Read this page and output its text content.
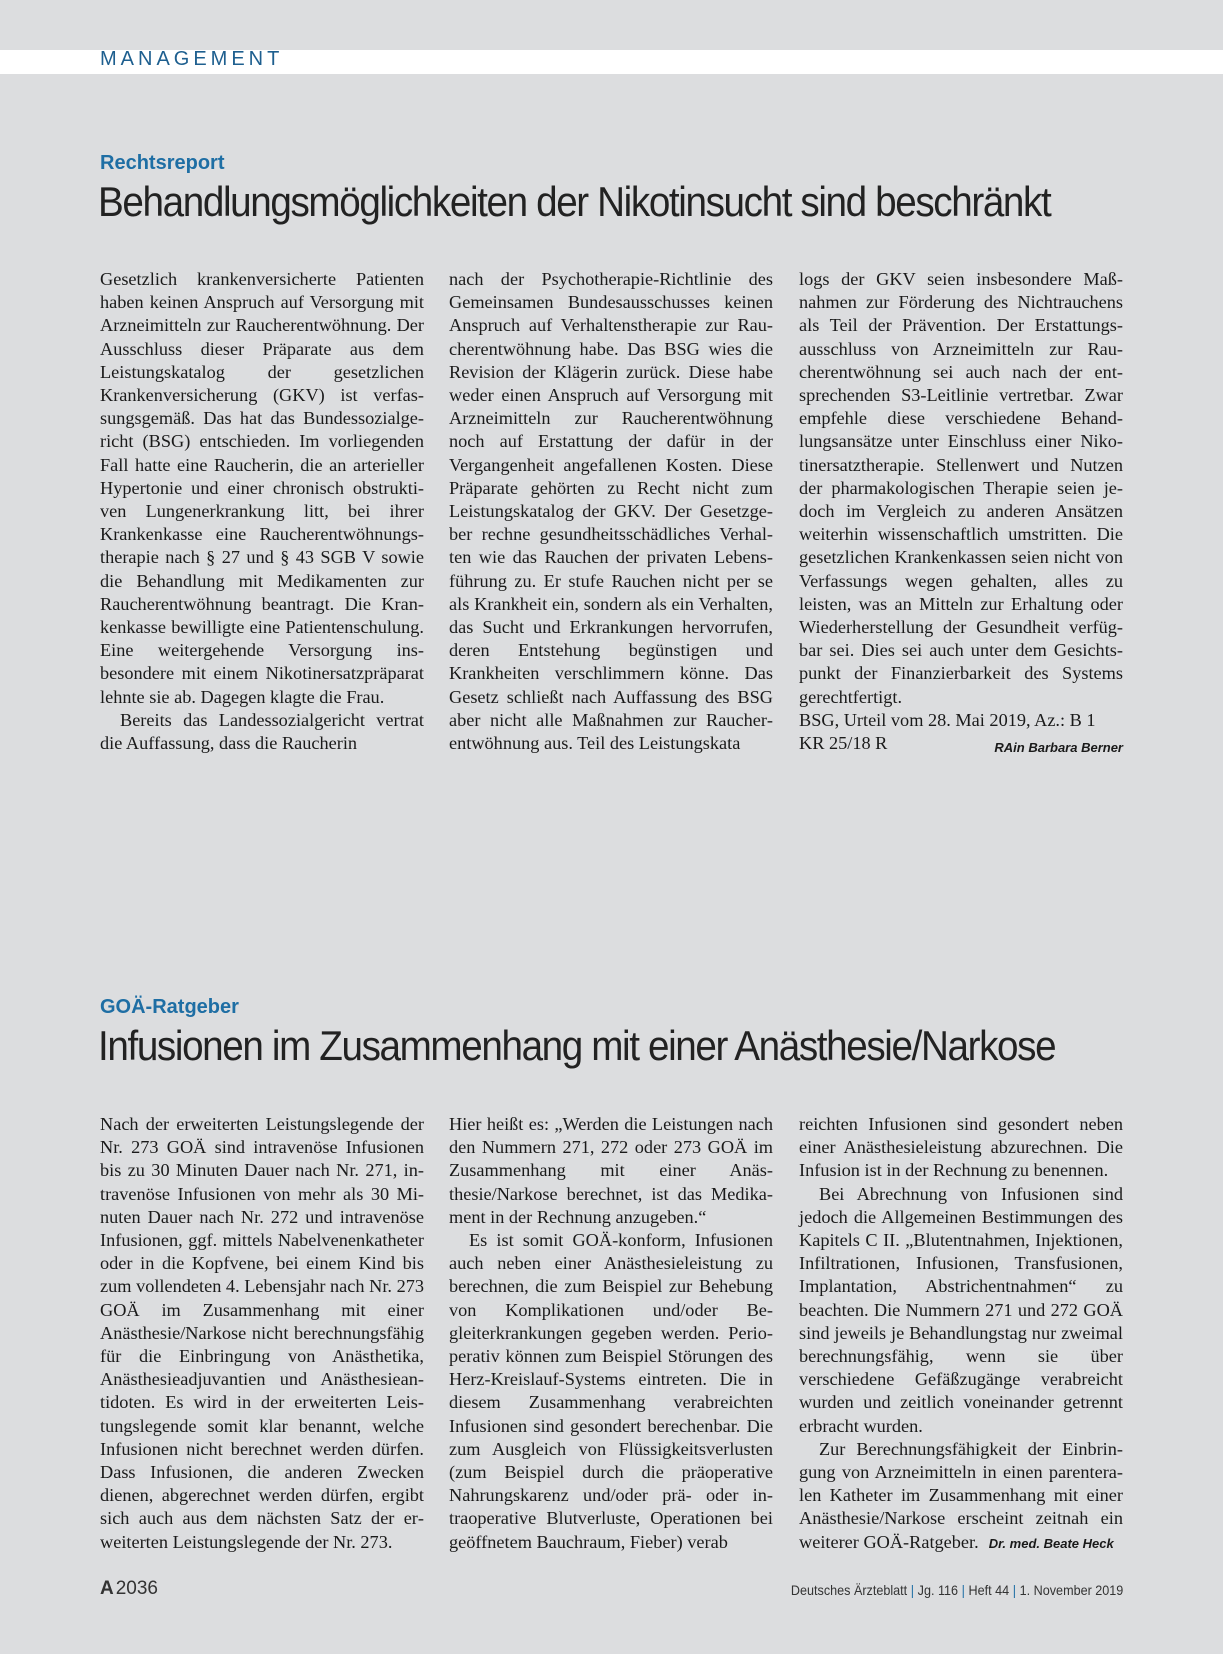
MANAGEMENT
Rechtsreport
Behandlungsmöglichkeiten der Nikotinsucht sind beschränkt

Gesetzlich krankenversicherte Patienten haben keinen Anspruch auf Versorgung mit Arzneimitteln zur Raucherentwöhnung. Der Ausschluss dieser Präparate aus dem Leistungskatalog der gesetzlichen Krankenversicherung (GKV) ist verfassungsgemäß. Das hat das Bundessozialgericht (BSG) entschieden. Im vorliegenden Fall hatte eine Raucherin, die an arterieller Hypertonie und einer chronisch obstruktiven Lungenerkrankung litt, bei ihrer Krankenkasse eine Raucherentwöhnungstherapie nach § 27 und § 43 SGB V sowie die Behandlung mit Medikamenten zur Raucherentwöhnung beantragt. Die Krankenkasse bewilligte eine Patientenschulung. Eine weitergehende Versorgung insbesondere mit einem Nikotinersatzpräparat lehnte sie ab. Dagegen klagte die Frau.

Bereits das Landessozialgericht vertrat die Auffassung, dass die Raucherin

nach der Psychotherapie-Richtlinie des Gemeinsamen Bundesausschusses keinen Anspruch auf Verhaltenstherapie zur Raucherentwöhnung habe. Das BSG wies die Revision der Klägerin zurück. Diese habe weder einen Anspruch auf Versorgung mit Arzneimitteln zur Raucherentwöhnung noch auf Erstattung der dafür in der Vergangenheit angefallenen Kosten. Diese Präparate gehörten zu Recht nicht zum Leistungskatalog der GKV. Der Gesetzgeber rechne gesundheitsschädliches Verhalten wie das Rauchen der privaten Lebensführung zu. Er stufe Rauchen nicht per se als Krankheit ein, sondern als ein Verhalten, das Sucht und Erkrankungen hervorrufen, deren Entstehung begünstigen und Krankheiten verschlimmern könne. Das Gesetz schließt nach Auffassung des BSG aber nicht alle Maßnahmen zur Raucherentwöhnung aus. Teil des Leistungskata

logs der GKV seien insbesondere Maßnahmen zur Förderung des Nichtrauchens als Teil der Prävention. Der Erstattungsausschluss von Arzneimitteln zur Raucherentwöhnung sei auch nach der entsprechenden S3-Leitlinie vertretbar. Zwar empfehle diese verschiedene Behandlungsansätze unter Einschluss einer Nikotinersatztherapie. Stellenwert und Nutzen der pharmakologischen Therapie seien jedoch im Vergleich zu anderen Ansätzen weiterhin wissenschaftlich umstritten. Die gesetzlichen Krankenkassen seien nicht von Verfassungs wegen gehalten, alles zu leisten, was an Mitteln zur Erhaltung oder Wiederherstellung der Gesundheit verfügbar sei. Dies sei auch unter dem Gesichtspunkt der Finanzierbarkeit des Systems gerechtfertigt.

BSG, Urteil vom 28. Mai 2019, Az.: B 1 KR 25/18 R	RAin Barbara Berner

GOÄ-Ratgeber
Infusionen im Zusammenhang mit einer Anästhesie/Narkose

Nach der erweiterten Leistungslegende der Nr. 273 GOÄ sind intravenöse Infusionen bis zu 30 Minuten Dauer nach Nr. 271, intravenöse Infusionen von mehr als 30 Minuten Dauer nach Nr. 272 und intravenöse Infusionen, ggf. mittels Nabelvenenkatheter oder in die Kopfvene, bei einem Kind bis zum vollendeten 4. Lebensjahr nach Nr. 273 GOÄ im Zusammenhang mit einer Anästhesie/Narkose nicht berechnungsfähig für die Einbringung von Anästhetika, Anästhesieadjuvantien und Anästhesieantidoten. Es wird in der erweiterten Leistungslegende somit klar benannt, welche Infusionen nicht berechnet werden dürfen. Dass Infusionen, die anderen Zwecken dienen, abgerechnet werden dürfen, ergibt sich auch aus dem nächsten Satz der erweiterten Leistungslegende der Nr. 273.

Hier heißt es: „Werden die Leistungen nach den Nummern 271, 272 oder 273 GOÄ im Zusammenhang mit einer Anästhesie/Narkose berechnet, ist das Medikament in der Rechnung anzugeben.“

Es ist somit GOÄ-konform, Infusionen auch neben einer Anästhesieleistung zu berechnen, die zum Beispiel zur Behebung von Komplikationen und/oder Begleiterkrankungen gegeben werden. Perioperativ können zum Beispiel Störungen des Herz-Kreislauf-Systems eintreten. Die in diesem Zusammenhang verabreichten Infusionen sind gesondert berechenbar. Die zum Ausgleich von Flüssigkeitsverlusten (zum Beispiel durch die präoperative Nahrungskarenz und/oder prä- oder intraoperative Blutverluste, Operationen bei geöffnetem Bauchraum, Fieber) verab

reichten Infusionen sind gesondert neben einer Anästhesieleistung abzurechnen. Die Infusion ist in der Rechnung zu benennen.

Bei Abrechnung von Infusionen sind jedoch die Allgemeinen Bestimmungen des Kapitels C II. „Blutentnahmen, Injektionen, Infiltrationen, Infusionen, Transfusionen, Implantation, Abstrichentnahmen“ zu beachten. Die Nummern 271 und 272 GOÄ sind jeweils je Behandlungstag nur zweimal berechnungsfähig, wenn sie über verschiedene Gefäßzugänge verabreicht wurden und zeitlich voneinander getrennt erbracht wurden.

Zur Berechnungsfähigkeit der Einbringung von Arzneimitteln in einen parenteralen Katheter im Zusammenhang mit einer Anästhesie/Narkose erscheint zeitnah ein weiterer GOÄ-Ratgeber. Dr. med. Beate Heck

A 2036	Deutsches Ärzteblatt | Jg. 116 | Heft 44 | 1. November 2019
